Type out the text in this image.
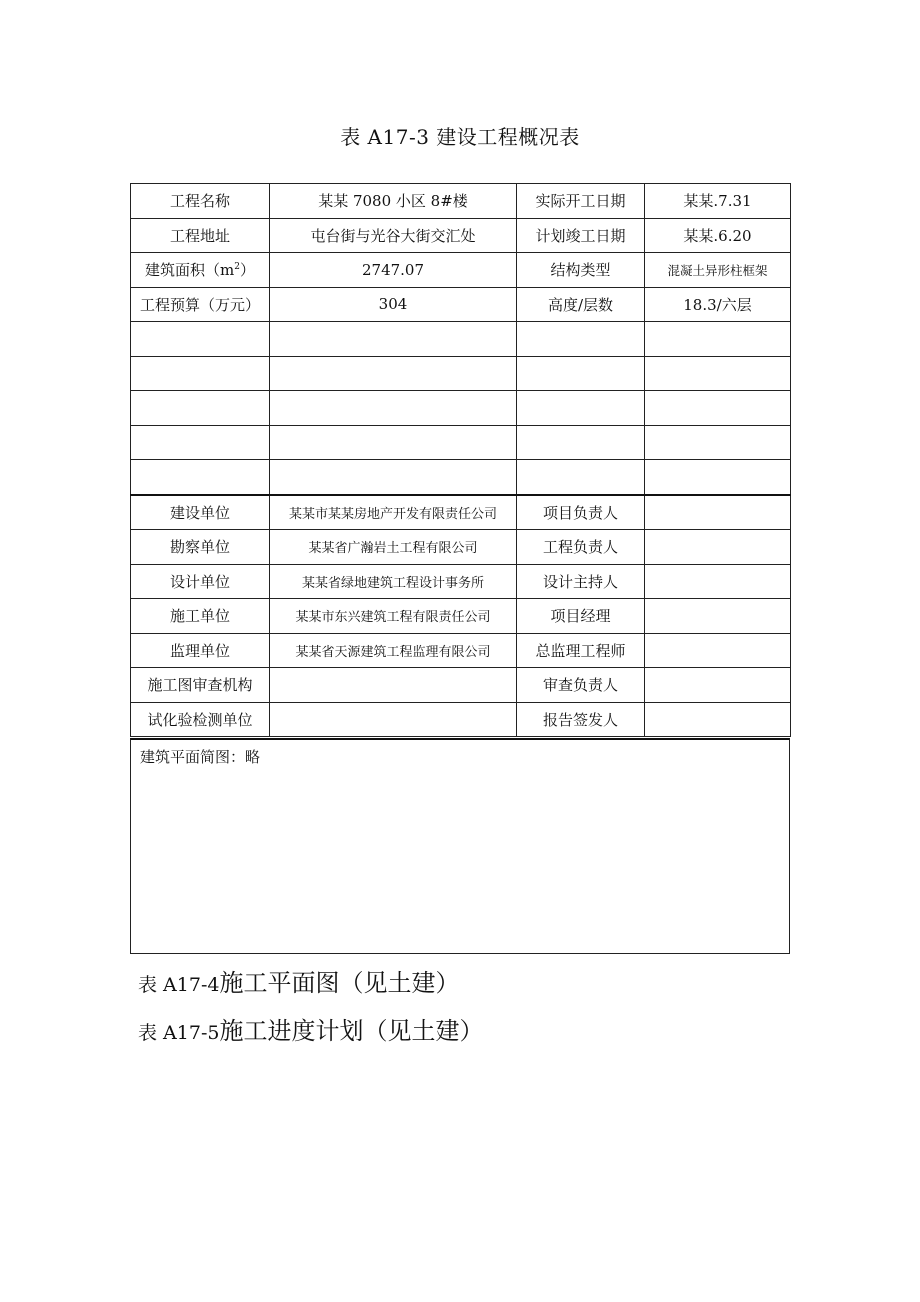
表 A17-3 建设工程概况表
工程名称	某某 7080 小区 8#楼	实际开工日期	某某.7.31
工程地址	屯台街与光谷大街交汇处	计划竣工日期	某某.6.20
建筑面积$(m^2)$	2747.07	结构类型	混凝土异形柱框架
工程预算（万元）	304	高度/层数	18.3/六层

建设单位	某某市某某房地产开发有限责任公司	项目负责人	
勘察单位	某某省广瀚岩土工程有限公司	工程负责人	
设计单位	某某省绿地建筑工程设计事务所	设计主持人	
施工单位	某某市东兴建筑工程有限责任公司	项目经理	
监理单位	某某省天源建筑工程监理有限公司	总监理工程师	
施工图审查机构		审查负责人	
试化验检测单位		报告签发人	
建筑平面简图：略
表 A17-4施工平面图（见土建）
表 A17-5施工进度计划（见土建）
